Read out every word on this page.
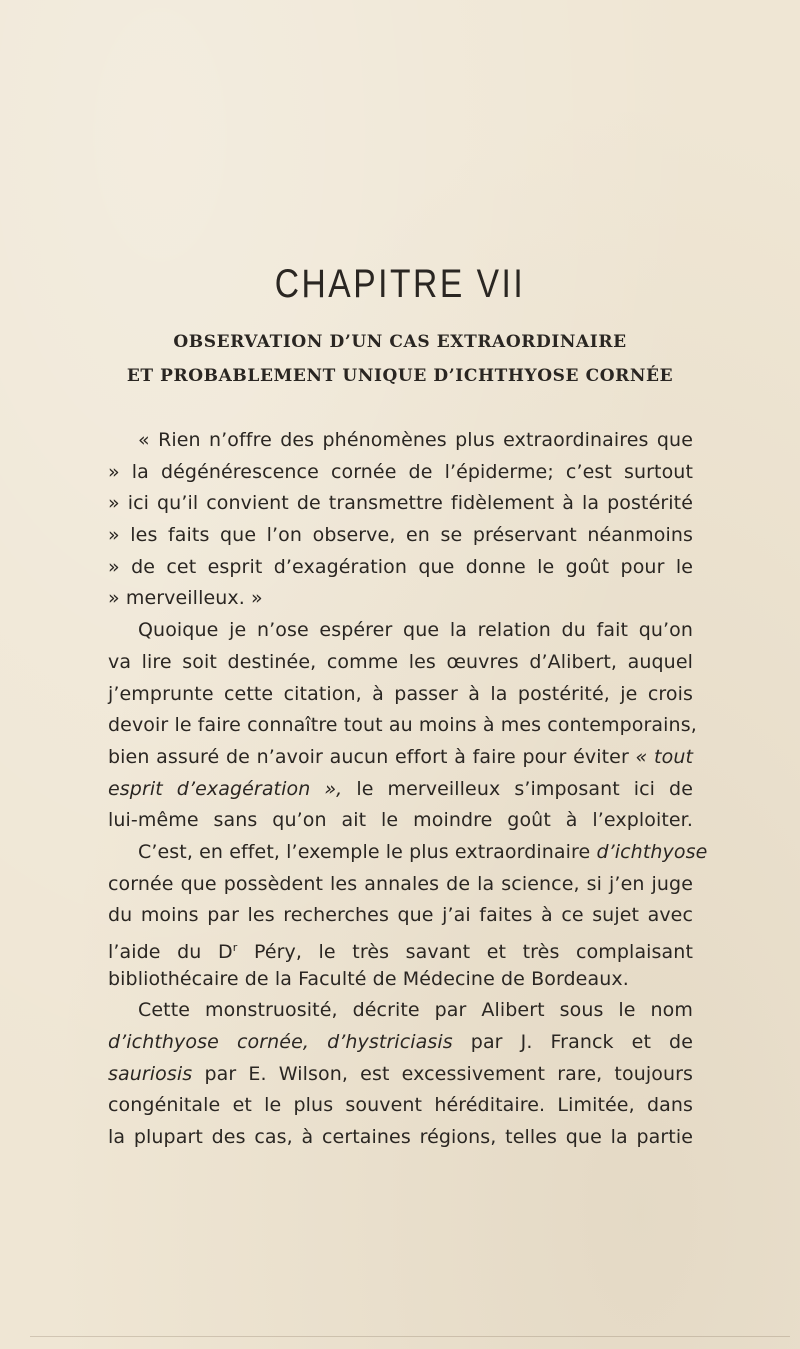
CHAPITRE VII
OBSERVATION D’UN CAS EXTRAORDINAIRE
ET PROBABLEMENT UNIQUE D’ICHTHYOSE CORNÉE
« Rien n’offre des phénomènes plus extraordinaires que
» la dégénérescence cornée de l’épiderme; c’est surtout
» ici qu’il convient de transmettre fidèlement à la postérité
» les faits que l’on observe, en se préservant néanmoins
» de cet esprit d’exagération que donne le goût pour le
» merveilleux. »
Quoique je n’ose espérer que la relation du fait qu’on
va lire soit destinée, comme les œuvres d’Alibert, auquel
j’emprunte cette citation, à passer à la postérité, je crois
devoir le faire connaître tout au moins à mes contemporains,
bien assuré de n’avoir aucun effort à faire pour éviter « tout
esprit d’exagération », le merveilleux s’imposant ici de
lui-même sans qu’on ait le moindre goût à l’exploiter.
C’est, en effet, l’exemple le plus extraordinaire d’ichthyose
cornée que possèdent les annales de la science, si j’en juge
du moins par les recherches que j’ai faites à ce sujet avec
l’aide du $D^r$ Péry, le très savant et très complaisant
bibliothécaire de la Faculté de Médecine de Bordeaux.
Cette monstruosité, décrite par Alibert sous le nom
d’ichthyose cornée, d’hystriciasis par J. Franck et de
sauriosis par E. Wilson, est excessivement rare, toujours
congénitale et le plus souvent héréditaire. Limitée, dans
la plupart des cas, à certaines régions, telles que la partie
